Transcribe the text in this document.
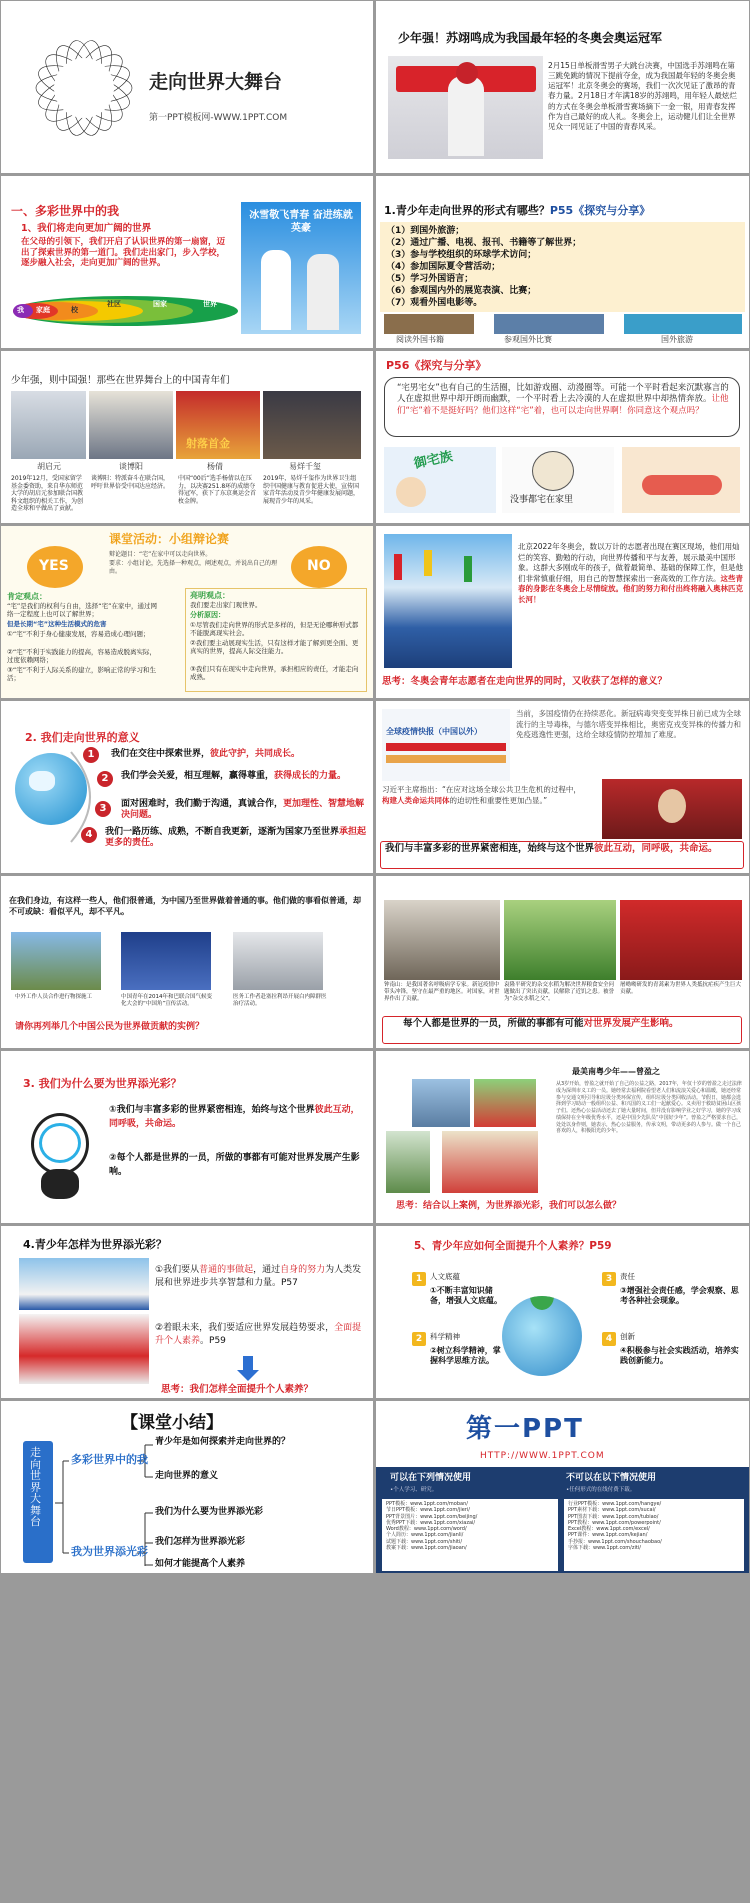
走向世界大舞台
第一PPT模板网-WWW.1PPT.COM
少年强！苏翊鸣成为我国最年轻的冬奥会奥运冠军
2月15日单板滑雪男子大跳台决赛，中国选手苏翊鸣在第三跳免跳的情况下提前夺金，成为我国最年轻的冬奥会奥运冠军！北京冬奥会的赛场，我们一次次见证了激昂的青春力量。2月18日才年满18岁的苏翊鸣，用年轻人最炫烂的方式在冬奥会单板滑雪赛场摘下一金一银，用青春发挥作为自己最好的成人礼。冬奥会上，运动健儿们让全世界见众一同见证了中国的青春风采。
一、多彩世界中的我
1、我们将走向更加广阔的世界
在父母的引领下，我们开启了认识世界的第一扇窗，迈出了探索世界的第一道门。我们走出家门，步入学校，逐步融入社会，走向更加广阔的世界。
我 家庭	校
社区	国家	世界
冰雪敬飞青春 奋进练就英豪
1.青少年走向世界的形式有哪些？P55《探究与分享》
（1）到国外旅游；
（2）通过广播、电视、报刊、书籍等了解世界；
（3）参与学校组织的环球学术访问；
（4）参加国际夏令营活动；
（5）学习外国语言；
（6）参观国内外的展览表演、比赛；
（7）观看外国电影等。
阅读外国书籍	参观国外比赛	国外旅游
少年强，则中国强！那些在世界舞台上的中国青年们
射落首金
胡启元	谈博阳	杨倩	易烊千玺
2019年12月，受国家留学基金委资助，来自华东师范大学的胡启元参加联合国教科文组织的相关工作，为创造全球和平做出了贡献。
谈博阳：特派奋斗在联合国，呼吁世界倍受中国达应经济。
中国“00后”选手杨倩以在压力，以决赛251.8环的成绩夺得冠军，获下了东京奥运会首枚金牌。
2019年，易烊千玺作为世界卫生组织中国健康与教育促进大使，宣传国家青年活动及青少年健康发展问题，展现青少年的风采。
P56《探究与分享》
“宅男宅女”也有自己的生活圈，比如游戏圈、动漫圈等。可能一个平时看起来沉默寡言的人在虚拟世界中却开朗而幽默，一个平时看上去冷漠的人在虚拟世界中却热情奔放。让他们“宅”着不是挺好吗？他们这样“宅”着，也可以走向世界啊！你同意这个观点吗？
御宅族
没事都宅在家里
课堂活动：小组辩论赛
YES	NO
辩论题目：“宅”在家中可以走向世界。
要求：小组讨论，先选择一种观点，阐述观点，并说出自己的理由。
肯定观点：
“宅”是我们的权利与自由，选择“宅”在家中，通过网络一定程度上也可以了解世界；
但是长期“宅”这种生活模式的危害
①“宅”不利于身心健康发展，容易造成心理问题；
②“宅”不利于实践能力的提高，容易造成脱离实际，过度依赖网络；
③“宅”不利于人际关系的建立，影响正常的学习和生活；
亮明观点：
我们要走出家门观世界。
分析原因：
①尽管我们走向世界的形式是多样的，但是无论哪种形式都不能脱离现实社会。
②我们要主动展现实生活，只有这样才能了解到更全面、更真实的世界，提高人际交往能力。
③我们只有在现实中走向世界，承担相应的责任，才能走向成熟。
北京2022年冬奥会，数以万计的志愿者出现在赛区现场，他们用灿烂的笑容、勤勉的行动，向世界传播和平与友善，展示最美中国形象。这群大多刚成年的孩子，做着最简单、基础的保障工作，但是他们非常慎重仔细，用自己的智慧探索出一套高效的工作方法。这些青春的身影在冬奥会上尽情绽放。他们的努力和付出终将融入奥林匹克长河！
思考：冬奥会青年志愿者在走向世界的同时，又收获了怎样的意义？
2. 我们走向世界的意义
1
2
3
4
我们在交往中探索世界，彼此守护，共同成长。
我们学会关爱，相互理解，赢得尊重，获得成长的力量。
面对困难时，我们勤于沟通，真诚合作，更加理性、智慧地解决问题。
我们一路历练、成熟，不断自我更新，逐渐为国家乃至世界承担起更多的责任。
全球疫情快报（中国以外）
当前，多国疫情仍在持续恶化。新冠病毒突变变异株日前已成为全球流行的主导毒株，与德尔塔变异株相比，奥密克戎变异株的传播力和免疫逃逸性更强，这给全球疫情防控增加了难度。
习近平主席指出：“在应对这场全球公共卫生危机的过程中，构建人类命运共同体的迫切性和重要性更加凸显。”
我们与丰富多彩的世界紧密相连，始终与这个世界彼此互动，同呼吸，共命运。
在我们身边，有这样一些人，他们很普通，为中国乃至世界做着普通的事。他们做的事看似普通，却不可或缺：看似平凡，却不平凡。
中外工作人员合作进行物探施工	中国青年在2014年和巴联合国气候变化大会的“中国角”宣传活动。
医务工作者赴塞拉利昂开展白内障群医治疗活动。
请你再列举几个中国公民为世界做贡献的实例？
钟南山：是我国著名呼吸病学专家。新冠疫情中带头冲锋，坚守在最严重的地区。对国家，对世界作出了贡献。
袁隆平研究的杂交水稻为解决世界粮食安全问题做出了突出贡献，民解除了近饥之患。被誉为“杂交水稻之父”。
屠呦呦研发的青蒿素为世界人类抵抗疟疾产生巨大贡献。
每个人都是世界的一员，所做的事都有可能对世界发展产生影响。
3. 我们为什么要为世界添光彩？
①我们与丰富多彩的世界紧密相连，始终与这个世界彼此互动，同呼吸，共命运。
②每个人都是世界的一员，所做的事都有可能对世界发展产生影响。
最美南粤少年——曾盈之
从3岁开始，曾盈之就开始了自己的公益之路，2017年，年仅十岁的曾盈之走过法律成为深圳市义工的一员。她经常去福利院看望老人们和流浪关爱心和温暖，她还经常参与交通文明引导和垃圾分类环保宣传，组织垃圾分类回收活动。节假日，她都会选择到学习助动一般组织公益、和兴国的义工们一起献爱心。义卖用于救助贫困山区孩子们。还热心公益活动还去了她大量时间，但并没有影响学业之好学习，她的学习成绩保持在全年级优秀水平，还是中国少先队员“中国好少年”。曾盈之严格要求自己，处处以身作则，她表示，热心公益服务，传承文明，带动更多的人参与。做一个自己喜欢的人，积极阳光的少年。
思考：结合以上案例，为世界添光彩，我们可以怎么做？
4.青少年怎样为世界添光彩？
①我们要从普通的事做起，通过自身的努力为人类发展和世界进步共享智慧和力量。P57
②着眼未来，我们要适应世界发展趋势要求，全面提升个人素养。P59
思考：我们怎样全面提升个人素养？
5、青少年应如何全面提升个人素养？P59
1	人文底蕴
①不断丰富知识储备，增强人文底蕴。
2	科学精神
②树立科学精神，掌握科学思维方法。
3	责任
③增强社会责任感，学会观察、思考各种社会现象。
4	创新
④积极参与社会实践活动，培养实践创新能力。
【课堂小结】
走向世界大舞台
多彩世界中的我
我为世界添光彩
青少年是如何探索并走向世界的？
走向世界的意义
我们为什么要为世界添光彩
我们怎样为世界添光彩
如何才能提高个人素养
第一PPT
HTTP://WWW.1PPT.COM
可以在下列情况使用	不可以在以下情况使用
•个人学习、研究。	•任何形式的在线付费下载。
PPT模板：www.1ppt.com/moban/
节日PPT模板：www.1ppt.com/jieri/
PPT背景图片：www.1ppt.com/beijing/
优秀PPT下载：www.1ppt.com/xiazai/
Word教程：www.1ppt.com/word/
个人简历：www.1ppt.com/jianli/
试题下载：www.1ppt.com/shiti/
教案下载：www.1ppt.com/jiaoan/
行业PPT模板：www.1ppt.com/hangye/
PPT素材下载：www.1ppt.com/sucai/
PPT图表下载：www.1ppt.com/tubiao/
PPT教程：www.1ppt.com/powerpoint/
Excel教程：www.1ppt.com/excel/
PPT课件：www.1ppt.com/kejian/
手抄报：www.1ppt.com/shouchaobao/
字体下载：www.1ppt.com/ziti/
